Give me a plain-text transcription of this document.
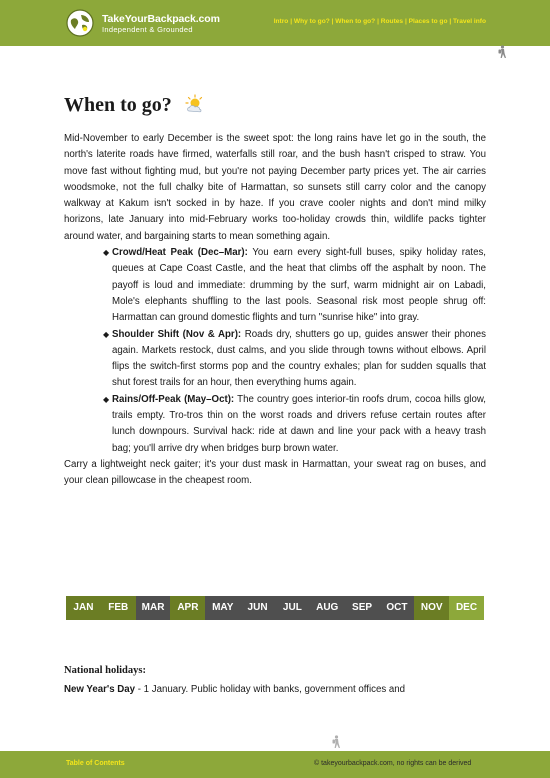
TakeYourBackpack.com
Independent & Grounded
Intro | Why to go? | When to go? | Routes | Places to go | Travel info
When to go?

Mid-November to early December is the sweet spot: the long rains have let go in the south, the north's laterite roads have firmed, waterfalls still roar, and the bush hasn't crisped to straw. You move fast without fighting mud, but you're not paying December party prices yet. The air carries woodsmoke, not the full chalky bite of Harmattan, so sunsets still carry color and the canopy walkway at Kakum isn't socked in by haze. If you crave cooler nights and don't mind milky horizons, late January into mid-February works too-holiday crowds thin, wildlife packs tighter around water, and bargaining starts to mean something again.

◆ Crowd/Heat Peak (Dec–Mar): You earn every sight-full buses, spiky holiday rates, queues at Cape Coast Castle, and the heat that climbs off the asphalt by noon. The payoff is loud and immediate: drumming by the surf, warm midnight air on Labadi, Mole's elephants shuffling to the last pools. Seasonal risk most people shrug off: Harmattan can ground domestic flights and turn "sunrise hike" into gray.
◆ Shoulder Shift (Nov & Apr): Roads dry, shutters go up, guides answer their phones again. Markets restock, dust calms, and you slide through towns without elbows. April flips the switch-first storms pop and the country exhales; plan for sudden squalls that shut forest trails for an hour, then everything hums again.
◆ Rains/Off-Peak (May–Oct): The country goes interior-tin roofs drum, cocoa hills glow, trails empty. Tro-tros thin on the worst roads and drivers refuse certain routes after lunch downpours. Survival hack: ride at dawn and line your pack with a heavy trash bag; you'll arrive dry when bridges burp brown water.

Carry a lightweight neck gaiter; it's your dust mask in Harmattan, your sweat rag on buses, and your clean pillowcase in the cheapest room.

JAN	FEB	MAR	APR	MAY	JUN	JUL	AUG	SEP	OCT	NOV	DEC
National holidays:
New Year's Day - 1 January. Public holiday with banks, government offices and
Table of Contents	© takeyourbackpack.com, no rights can be derived
